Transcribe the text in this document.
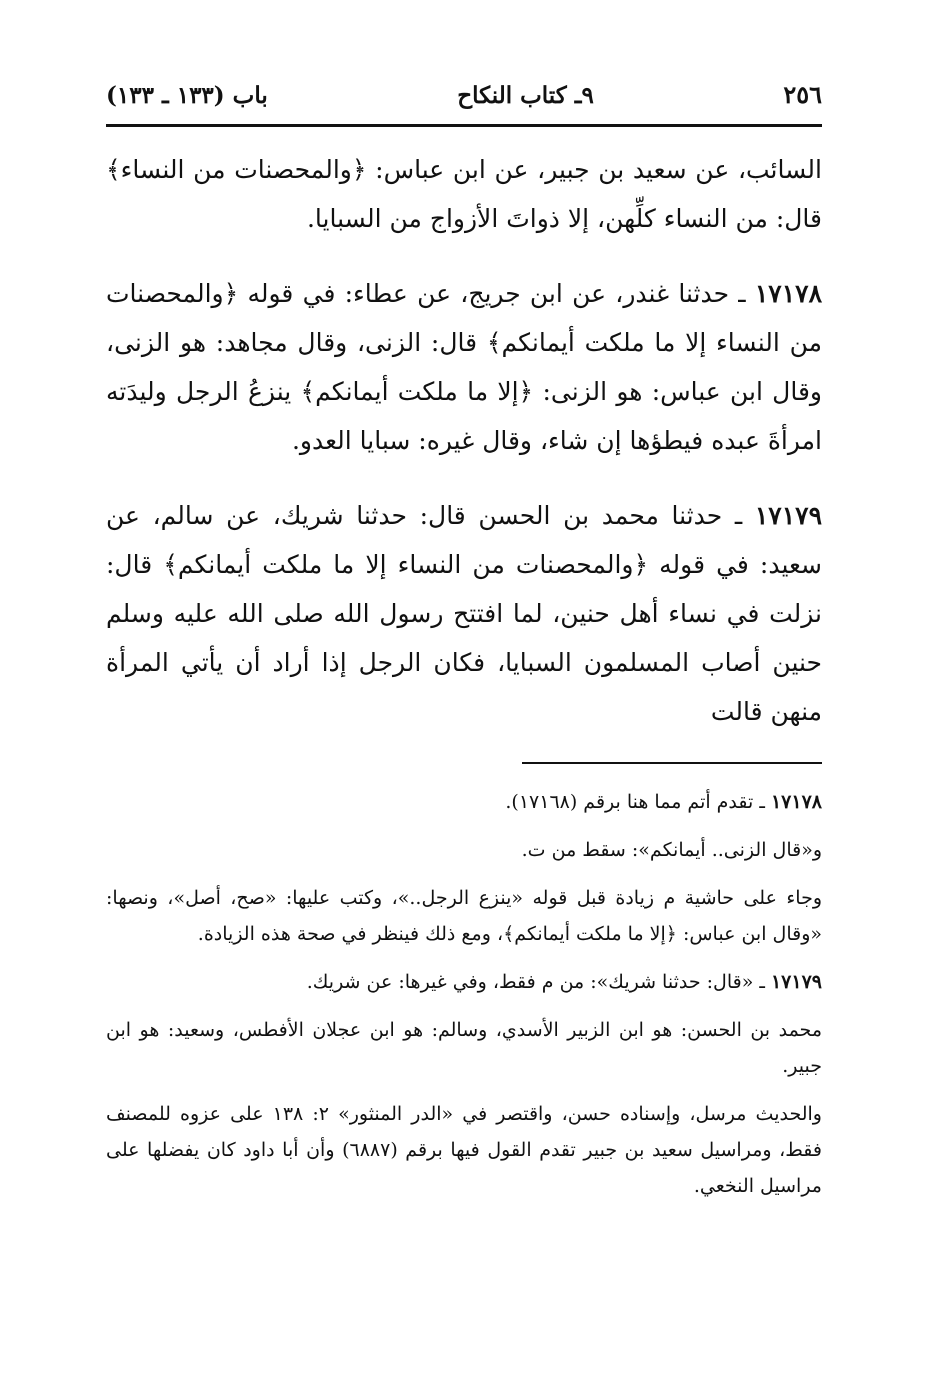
٢٥٦
٩ـ كتاب النكاح
باب (١٣٣ ـ ١٣٣)

السائب، عن سعيد بن جبير، عن ابن عباس: ﴿والمحصنات من النساء﴾ قال: من النساء كلِّهن، إلا ذواتَ الأزواج من السبايا.

١٧١٧٨ ـ حدثنا غندر، عن ابن جريج، عن عطاء: في قوله ﴿والمحصنات من النساء إلا ما ملكت أيمانكم﴾ قال: الزنى، وقال مجاهد: هو الزنى، وقال ابن عباس: هو الزنى: ﴿إلا ما ملكت أيمانكم﴾ ينزعُ الرجل وليدَته امرأةَ عبده فيطؤها إن شاء، وقال غيره: سبايا العدو.

١٧١٧٩ ـ حدثنا محمد بن الحسن قال: حدثنا شريك، عن سالم، عن سعيد: في قوله ﴿والمحصنات من النساء إلا ما ملكت أيمانكم﴾ قال: نزلت في نساء أهل حنين، لما افتتح رسول الله صلى الله عليه وسلم حنين أصاب المسلمون السبايا، فكان الرجل إذا أراد أن يأتي المرأة منهن قالت

١٧١٧٨ ـ تقدم أتم مما هنا برقم (١٧١٦٨).

و«قال الزنى.. أيمانكم»: سقط من ت.

وجاء على حاشية م زيادة قبل قوله «ينزع الرجل..»، وكتب عليها: «صح، أصل»، ونصها: «وقال ابن عباس: ﴿إلا ما ملكت أيمانكم﴾، ومع ذلك فينظر في صحة هذه الزيادة.

١٧١٧٩ ـ «قال: حدثنا شريك»: من م فقط، وفي غيرها: عن شريك.

محمد بن الحسن: هو ابن الزبير الأسدي، وسالم: هو ابن عجلان الأفطس، وسعيد: هو ابن جبير.

والحديث مرسل، وإسناده حسن، واقتصر في «الدر المنثور» ٢: ١٣٨ على عزوه للمصنف فقط، ومراسيل سعيد بن جبير تقدم القول فيها برقم (٦٨٨٧) وأن أبا داود كان يفضلها على مراسيل النخعي.
